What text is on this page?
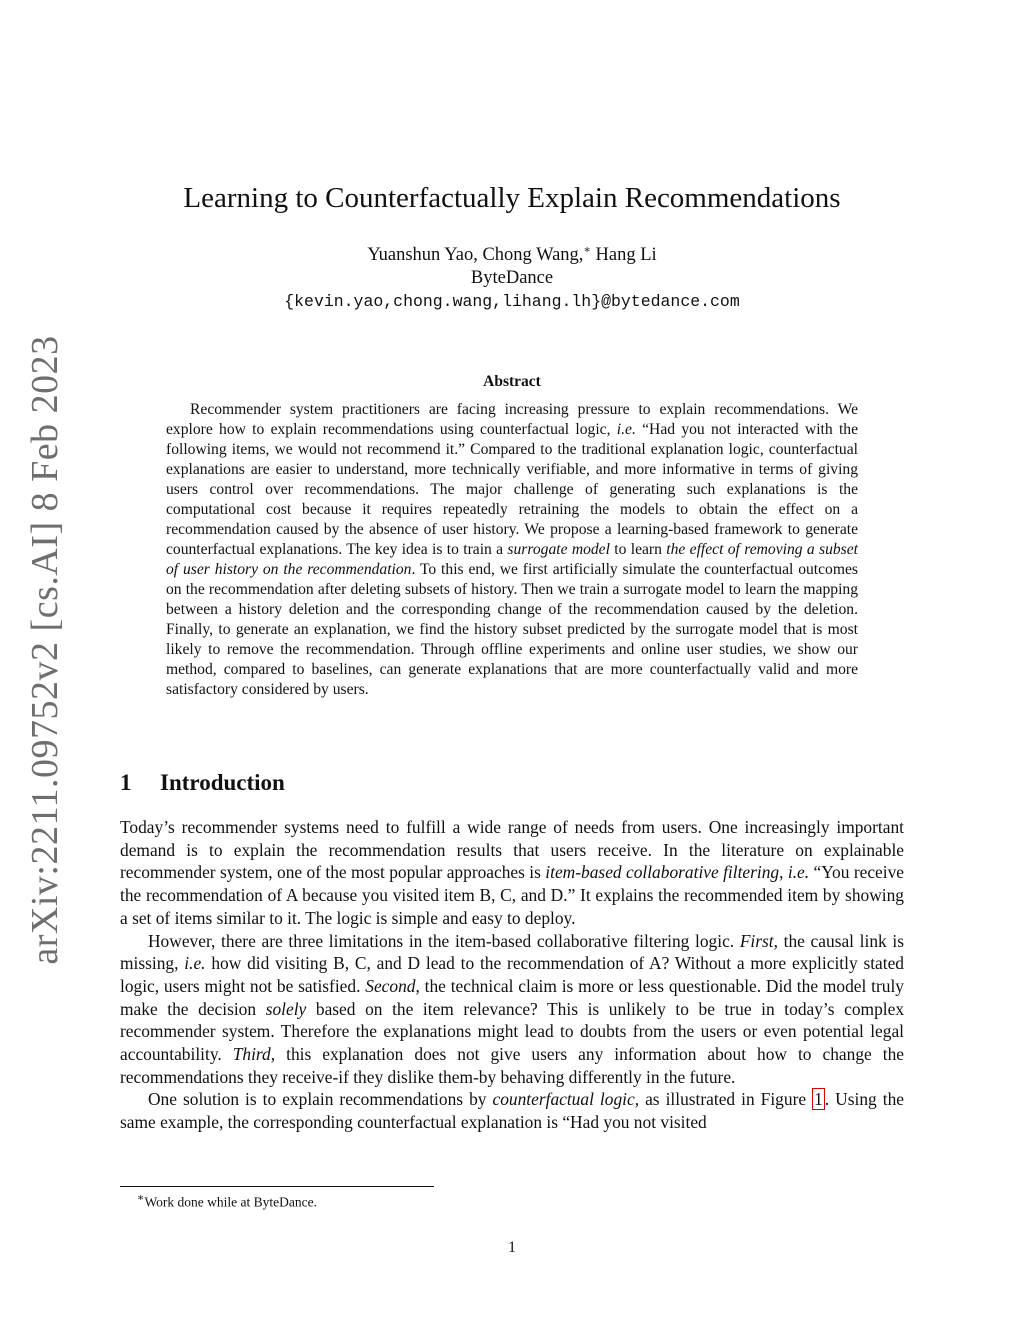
arXiv:2211.09752v2 [cs.AI] 8 Feb 2023
Learning to Counterfactually Explain Recommendations
Yuanshun Yao, Chong Wang,∗ Hang Li
ByteDance
{kevin.yao,chong.wang,lihang.lh}@bytedance.com
Abstract
Recommender system practitioners are facing increasing pressure to explain recommendations. We explore how to explain recommendations using counterfactual logic, i.e. “Had you not interacted with the following items, we would not recommend it.” Compared to the traditional explanation logic, counterfactual explanations are easier to understand, more technically verifiable, and more informative in terms of giving users control over recommendations. The major challenge of generating such explanations is the computational cost because it requires repeatedly retraining the models to obtain the effect on a recommendation caused by the absence of user history. We propose a learning-based framework to generate counterfactual explanations. The key idea is to train a surrogate model to learn the effect of removing a subset of user history on the recommendation. To this end, we first artificially simulate the counterfactual outcomes on the recommendation after deleting subsets of history. Then we train a surrogate model to learn the mapping between a history deletion and the corresponding change of the recommendation caused by the deletion. Finally, to generate an explanation, we find the history subset predicted by the surrogate model that is most likely to remove the recommendation. Through offline experiments and online user studies, we show our method, compared to baselines, can generate explanations that are more counterfactually valid and more satisfactory considered by users.
1 Introduction

Today’s recommender systems need to fulfill a wide range of needs from users. One increasingly important demand is to explain the recommendation results that users receive. In the literature on explainable recommender system, one of the most popular approaches is item-based collaborative filtering, i.e. “You receive the recommendation of A because you visited item B, C, and D.” It explains the recommended item by showing a set of items similar to it. The logic is simple and easy to deploy.

However, there are three limitations in the item-based collaborative filtering logic. First, the causal link is missing, i.e. how did visiting B, C, and D lead to the recommendation of A? Without a more explicitly stated logic, users might not be satisfied. Second, the technical claim is more or less questionable. Did the model truly make the decision solely based on the item relevance? This is unlikely to be true in today’s complex recommender system. Therefore the explanations might lead to doubts from the users or even potential legal accountability. Third, this explanation does not give users any information about how to change the recommendations they receive-if they dislike them-by behaving differently in the future.

One solution is to explain recommendations by counterfactual logic, as illustrated in Figure 1 . Using the same example, the corresponding counterfactual explanation is “Had you not visited

∗Work done while at ByteDance.
1
